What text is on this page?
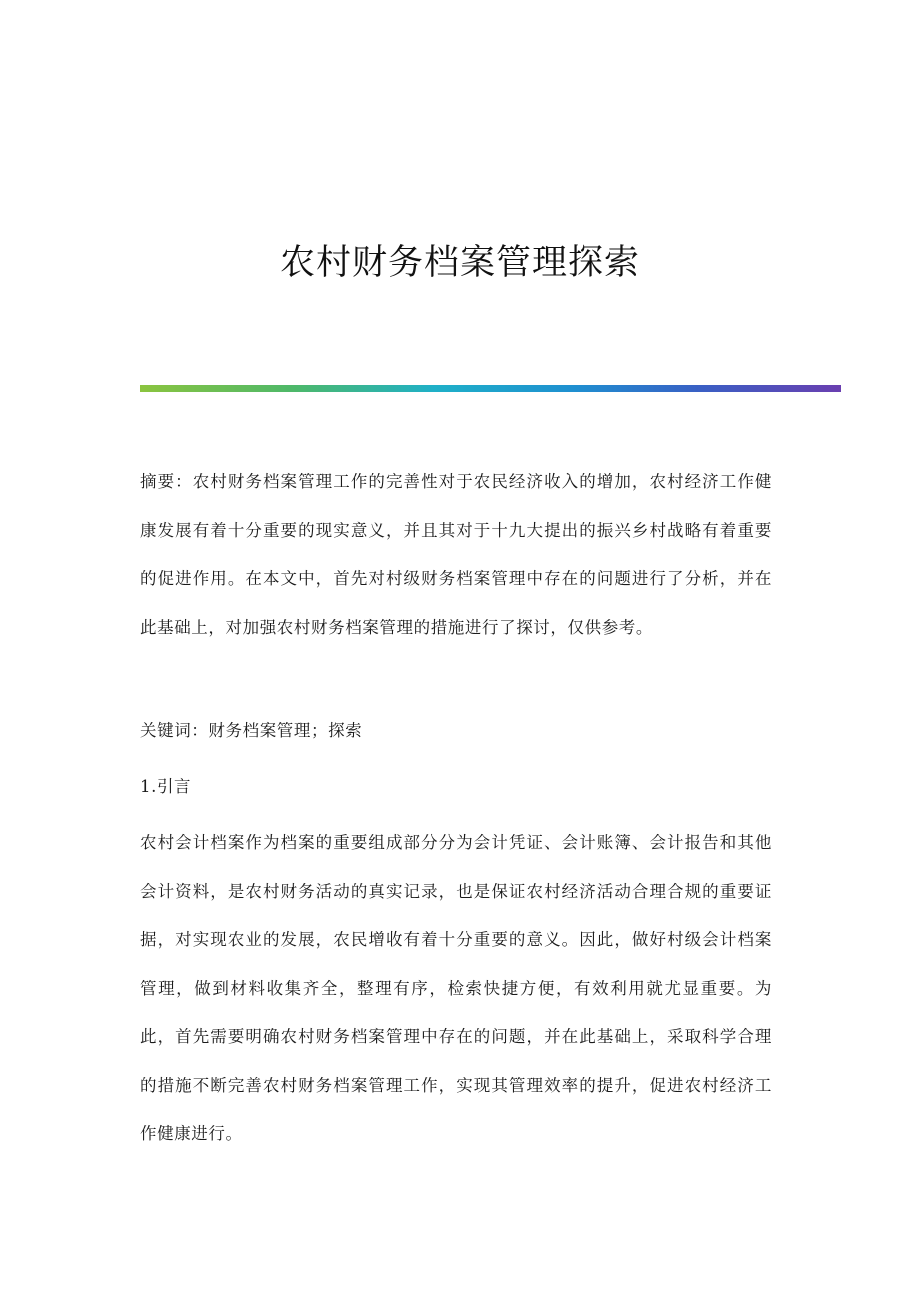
农村财务档案管理探索

摘要：农村财务档案管理工作的完善性对于农民经济收入的增加，农村经济工作健康发展有着十分重要的现实意义，并且其对于十九大提出的振兴乡村战略有着重要的促进作用。在本文中，首先对村级财务档案管理中存在的问题进行了分析，并在此基础上，对加强农村财务档案管理的措施进行了探讨，仅供参考。

关键词：财务档案管理；探索

1.引言

农村会计档案作为档案的重要组成部分分为会计凭证、会计账簿、会计报告和其他会计资料，是农村财务活动的真实记录，也是保证农村经济活动合理合规的重要证据，对实现农业的发展，农民增收有着十分重要的意义。因此，做好村级会计档案管理，做到材料收集齐全，整理有序，检索快捷方便，有效利用就尤显重要。为此，首先需要明确农村财务档案管理中存在的问题，并在此基础上，采取科学合理的措施不断完善农村财务档案管理工作，实现其管理效率的提升，促进农村经济工作健康进行。
